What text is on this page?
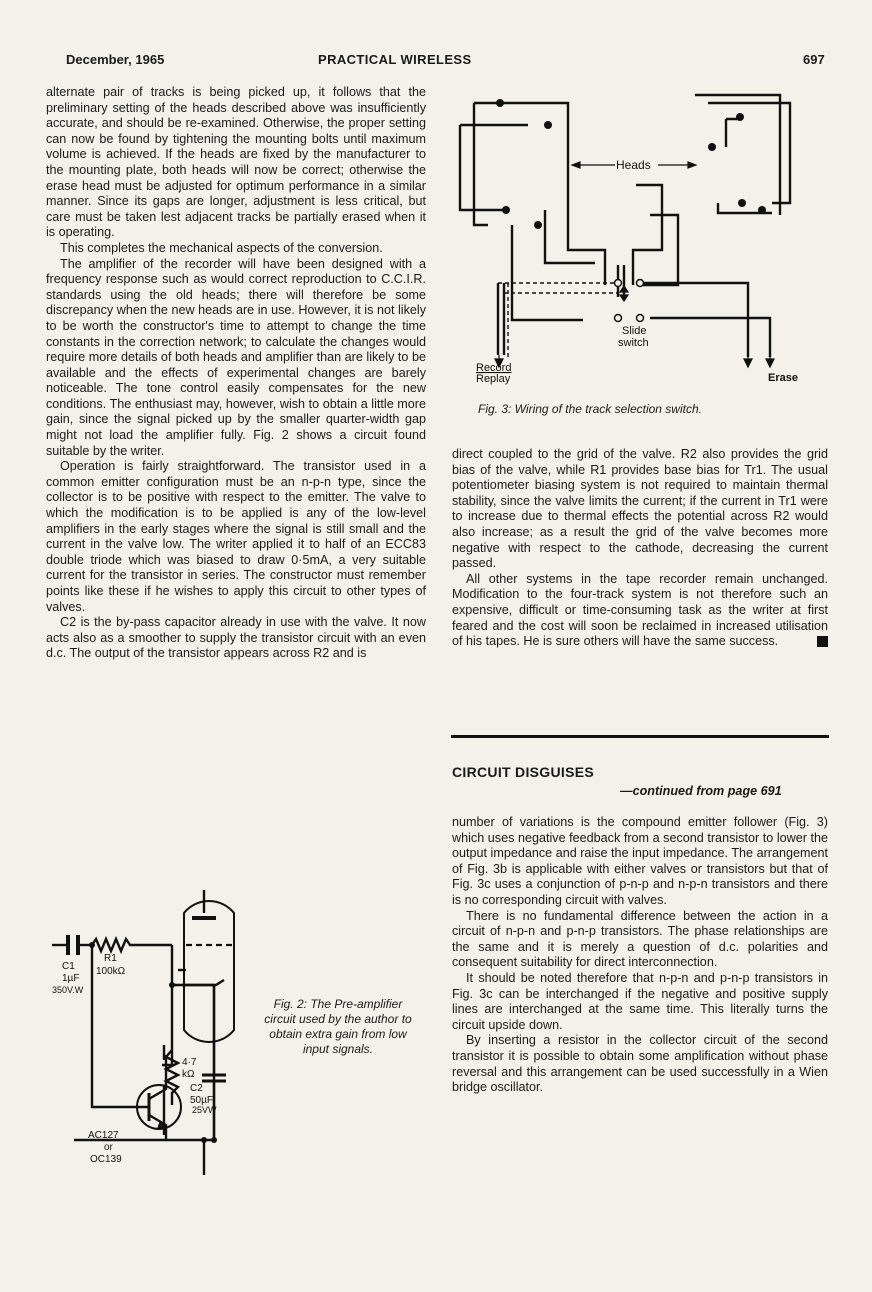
December, 1965	PRACTICAL WIRELESS	697

alternate pair of tracks is being picked up, it follows that the preliminary setting of the heads described above was insufficiently accurate, and should be re-examined. Otherwise, the proper setting can now be found by tightening the mounting bolts until maximum volume is achieved. If the heads are fixed by the manufacturer to the mounting plate, both heads will now be correct; otherwise the erase head must be adjusted for optimum performance in a similar manner. Since its gaps are longer, adjustment is less critical, but care must be taken lest adjacent tracks be partially erased when it is operating.

This completes the mechanical aspects of the conversion.

The amplifier of the recorder will have been designed with a frequency response such as would correct reproduction to C.C.I.R. standards using the old heads; there will therefore be some discrepancy when the new heads are in use. However, it is not likely to be worth the constructor's time to attempt to change the time constants in the correction network; to calculate the changes would require more details of both heads and amplifier than are likely to be available and the effects of experimental changes are barely noticeable. The tone control easily compensates for the new conditions. The enthusiast may, however, wish to obtain a little more gain, since the signal picked up by the smaller quarter-width gap might not load the amplifier fully. Fig. 2 shows a circuit found suitable by the writer.

Operation is fairly straightforward. The transistor used in a common emitter configuration must be an n-p-n type, since the collector is to be positive with respect to the emitter. The valve to which the modification is to be applied is any of the low-level amplifiers in the early stages where the signal is still small and the current in the valve low. The writer applied it to half of an ECC83 double triode which was biased to draw 0·5mA, a very suitable current for the transistor in series. The constructor must remember points like these if he wishes to apply this circuit to other types of valves.

C2 is the by-pass capacitor already in use with the valve. It now acts also as a smoother to supply the transistor circuit with an even d.c. The output of the transistor appears across R2 and is

Heads
Slide
switch
Record
Replay	Erase
Fig. 3: Wiring of the track selection switch.

direct coupled to the grid of the valve. R2 also provides the grid bias of the valve, while R1 provides base bias for Tr1. The usual potentiometer biasing system is not required to maintain thermal stability, since the valve limits the current; if the current in Tr1 were to increase due to thermal effects the potential across R2 would also increase; as a result the grid of the valve becomes more negative with respect to the cathode, decreasing the current passed.

All other systems in the tape recorder remain unchanged. Modification to the four-track system is not therefore such an expensive, difficult or time-consuming task as the writer at first feared and the cost will soon be reclaimed in increased utilisation of his tapes. He is sure others will have the same success.

CIRCUIT DISGUISES
—continued from page 691

number of variations is the compound emitter follower (Fig. 3) which uses negative feedback from a second transistor to lower the output impedance and raise the input impedance. The arrangement of Fig. 3b is applicable with either valves or transistors but that of Fig. 3c uses a conjunction of p-n-p and n-p-n transistors and there is no corresponding circuit with valves.

There is no fundamental difference between the action in a circuit of n-p-n and p-n-p transistors. The phase relationships are the same and it is merely a question of d.c. polarities and consequent suitability for direct interconnection.

It should be noted therefore that n-p-n and p-n-p transistors in Fig. 3c can be interchanged if the negative and positive supply lines are interchanged at the same time. This literally turns the circuit upside down.

By inserting a resistor in the collector circuit of the second transistor it is possible to obtain some amplification without phase reversal and this arrangement can be used successfully in a Wien bridge oscillator.

C1
1µF
350V.W
R1
100kΩ
4·7
kΩ
C2
50µF
25VW
AC127
or
OC139
Fig. 2: The Pre-amplifier
circuit used by the author to
obtain extra gain from low
input signals.
